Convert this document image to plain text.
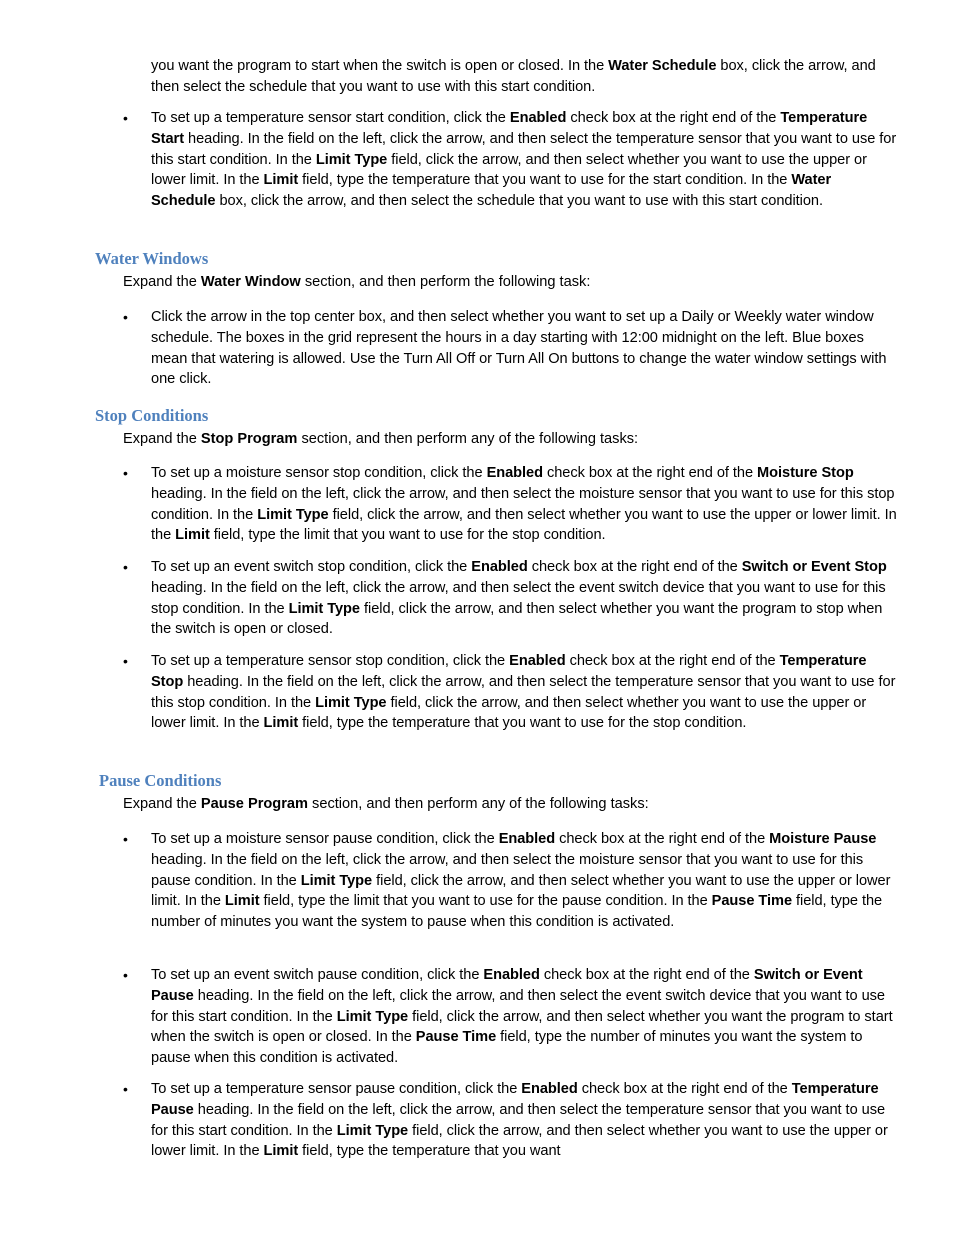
you want the program to start when the switch is open or closed. In the Water Schedule box, click the arrow, and then select the schedule that you want to use with this start condition.

•	To set up a temperature sensor start condition, click the Enabled check box at the right end of the Temperature Start heading. In the field on the left, click the arrow, and then select the temperature sensor that you want to use for this start condition. In the Limit Type field, click the arrow, and then select whether you want to use the upper or lower limit. In the Limit field, type the temperature that you want to use for the start condition. In the Water Schedule box, click the arrow, and then select the schedule that you want to use with this start condition.

Water Windows

Expand the Water Window section, and then perform the following task:

•	Click the arrow in the top center box, and then select whether you want to set up a Daily or Weekly water window schedule. The boxes in the grid represent the hours in a day starting with 12:00 midnight on the left. Blue boxes mean that watering is allowed. Use the Turn All Off or Turn All On buttons to change the water window settings with one click.

Stop Conditions

Expand the Stop Program section, and then perform any of the following tasks:

•	To set up a moisture sensor stop condition, click the Enabled check box at the right end of the Moisture Stop heading. In the field on the left, click the arrow, and then select the moisture sensor that you want to use for this stop condition. In the Limit Type field, click the arrow, and then select whether you want to use the upper or lower limit. In the Limit field, type the limit that you want to use for the stop condition.

•	To set up an event switch stop condition, click the Enabled check box at the right end of the Switch or Event Stop heading. In the field on the left, click the arrow, and then select the event switch device that you want to use for this stop condition. In the Limit Type field, click the arrow, and then select whether you want the program to stop when the switch is open or closed.

•	To set up a temperature sensor stop condition, click the Enabled check box at the right end of the Temperature Stop heading. In the field on the left, click the arrow, and then select the temperature sensor that you want to use for this stop condition. In the Limit Type field, click the arrow, and then select whether you want to use the upper or lower limit. In the Limit field, type the temperature that you want to use for the stop condition.

Pause Conditions

Expand the Pause Program section, and then perform any of the following tasks:

•	To set up a moisture sensor pause condition, click the Enabled check box at the right end of the Moisture Pause heading. In the field on the left, click the arrow, and then select the moisture sensor that you want to use for this pause condition. In the Limit Type field, click the arrow, and then select whether you want to use the upper or lower limit. In the Limit field, type the limit that you want to use for the pause condition. In the Pause Time field, type the number of minutes you want the system to pause when this condition is activated.

•	To set up an event switch pause condition, click the Enabled check box at the right end of the Switch or Event Pause heading. In the field on the left, click the arrow, and then select the event switch device that you want to use for this start condition. In the Limit Type field, click the arrow, and then select whether you want the program to start when the switch is open or closed. In the Pause Time field, type the number of minutes you want the system to pause when this condition is activated.

•	To set up a temperature sensor pause condition, click the Enabled check box at the right end of the Temperature Pause heading. In the field on the left, click the arrow, and then select the temperature sensor that you want to use for this start condition. In the Limit Type field, click the arrow, and then select whether you want to use the upper or lower limit. In the Limit field, type the temperature that you want
